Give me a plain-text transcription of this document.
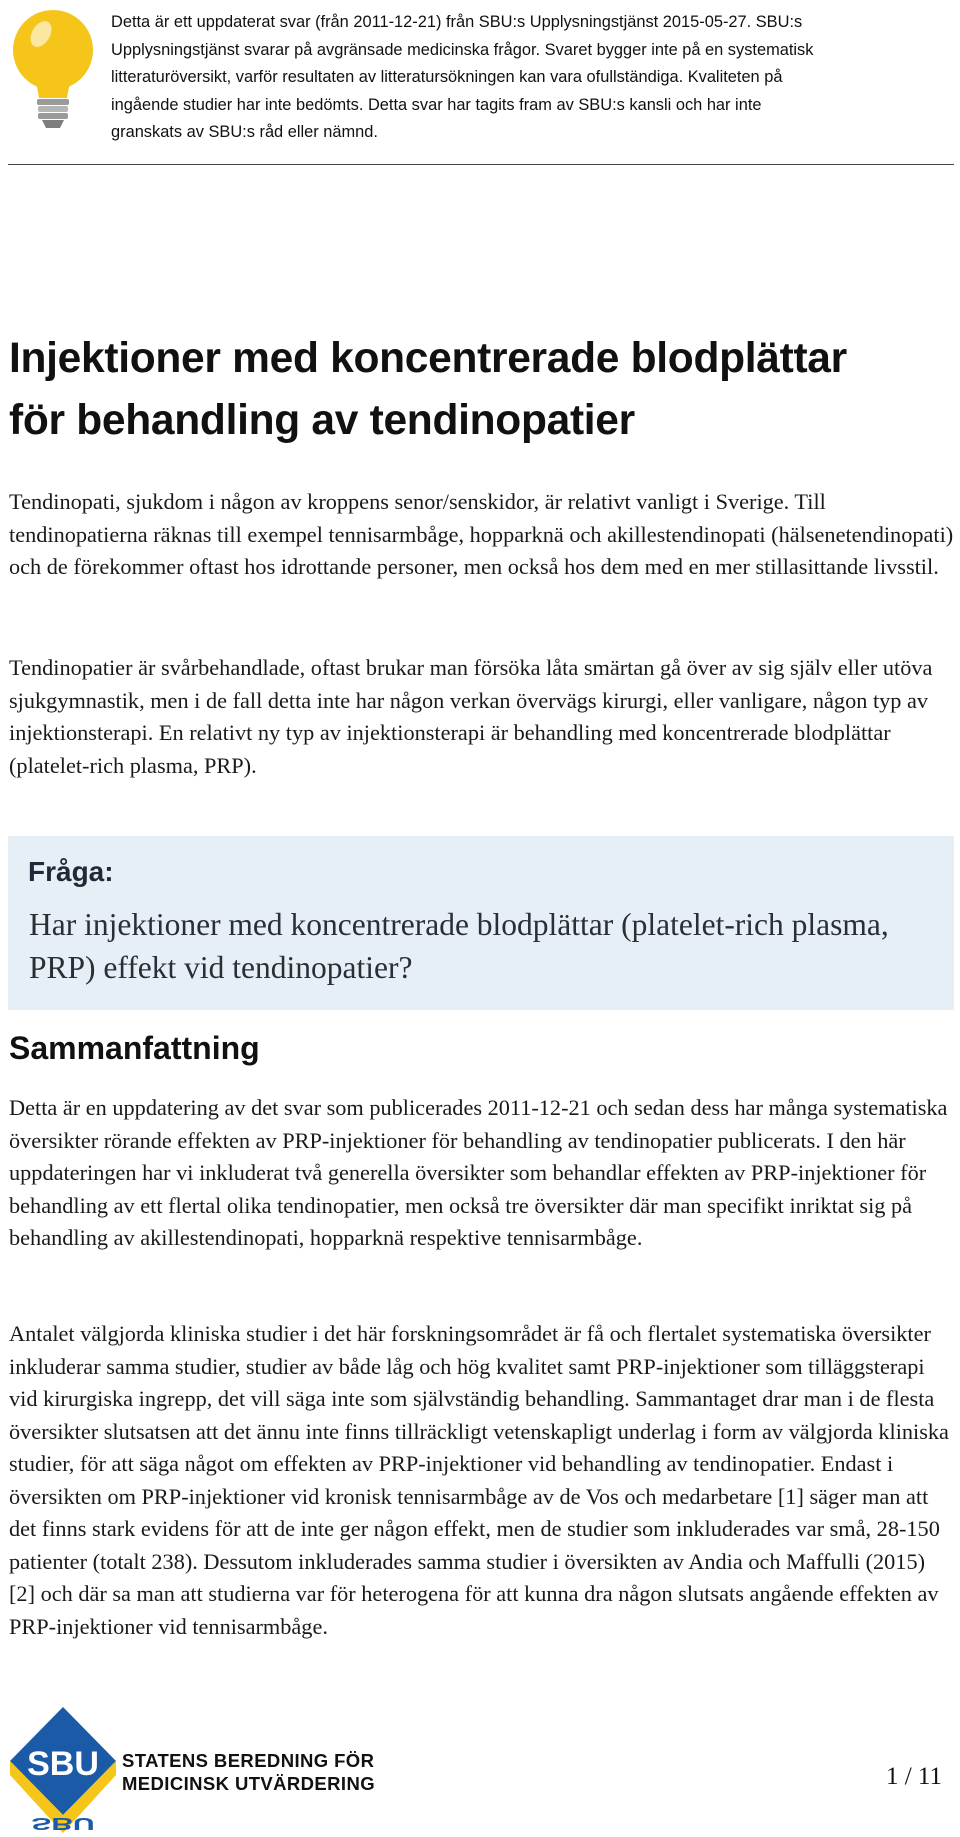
Detta är ett uppdaterat svar (från 2011-12-21) från SBU:s Upplysningstjänst 2015-05-27. SBU:s
Upplysningstjänst svarar på avgränsade medicinska frågor. Svaret bygger inte på en systematisk
litteraturöversikt, varför resultaten av litteratursökningen kan vara ofullständiga. Kvaliteten på
ingående studier har inte bedömts. Detta svar har tagits fram av SBU:s kansli och har inte
granskats av SBU:s råd eller nämnd.
Injektioner med koncentrerade blodplättar
för behandling av tendinopatier
Tendinopati, sjukdom i någon av kroppens senor/senskidor, är relativt vanligt i Sverige. Till tendinopatierna räknas till exempel tennisarmbåge, hopparknä och akillestendinopati (hälsenetendinopati) och de förekommer oftast hos idrottande personer, men också hos dem med en mer stillasittande livsstil.
Tendinopatier är svårbehandlade, oftast brukar man försöka låta smärtan gå över av sig själv eller utöva sjukgymnastik, men i de fall detta inte har någon verkan övervägs kirurgi, eller vanligare, någon typ av injektionsterapi. En relativt ny typ av injektionsterapi är behandling med koncentrerade blodplättar (platelet-rich plasma, PRP).
Fråga:
Har injektioner med koncentrerade blodplättar (platelet-rich plasma, PRP) effekt vid tendinopatier?
Sammanfattning
Detta är en uppdatering av det svar som publicerades 2011-12-21 och sedan dess har många systematiska översikter rörande effekten av PRP-injektioner för behandling av tendinopatier publicerats. I den här uppdateringen har vi inkluderat två generella översikter som behandlar effekten av PRP-injektioner för behandling av ett flertal olika tendinopatier, men också tre översikter där man specifikt inriktat sig på behandling av akillestendinopati, hopparknä respektive tennisarmbåge.
Antalet välgjorda kliniska studier i det här forskningsområdet är få och flertalet systematiska översikter inkluderar samma studier, studier av både låg och hög kvalitet samt PRP-injektioner som tilläggsterapi vid kirurgiska ingrepp, det vill säga inte som självständig behandling. Sammantaget drar man i de flesta översikter slutsatsen att det ännu inte finns tillräckligt vetenskapligt underlag i form av välgjorda kliniska studier, för att säga något om effekten av PRP-injektioner vid behandling av tendinopatier. Endast i översikten om PRP-injektioner vid kronisk tennisarmbåge av de Vos och medarbetare [1] säger man att det finns stark evidens för att de inte ger någon effekt, men de studier som inkluderades var små, 28-150 patienter (totalt 238). Dessutom inkluderades samma studier i översikten av Andia och Maffulli (2015) [2] och där sa man att studierna var för heterogena för att kunna dra någon slutsats angående effekten av PRP-injektioner vid tennisarmbåge.
SBU
SBU
STATENS BEREDNING FÖR
MEDICINSK UTVÄRDERING	1 / 11
